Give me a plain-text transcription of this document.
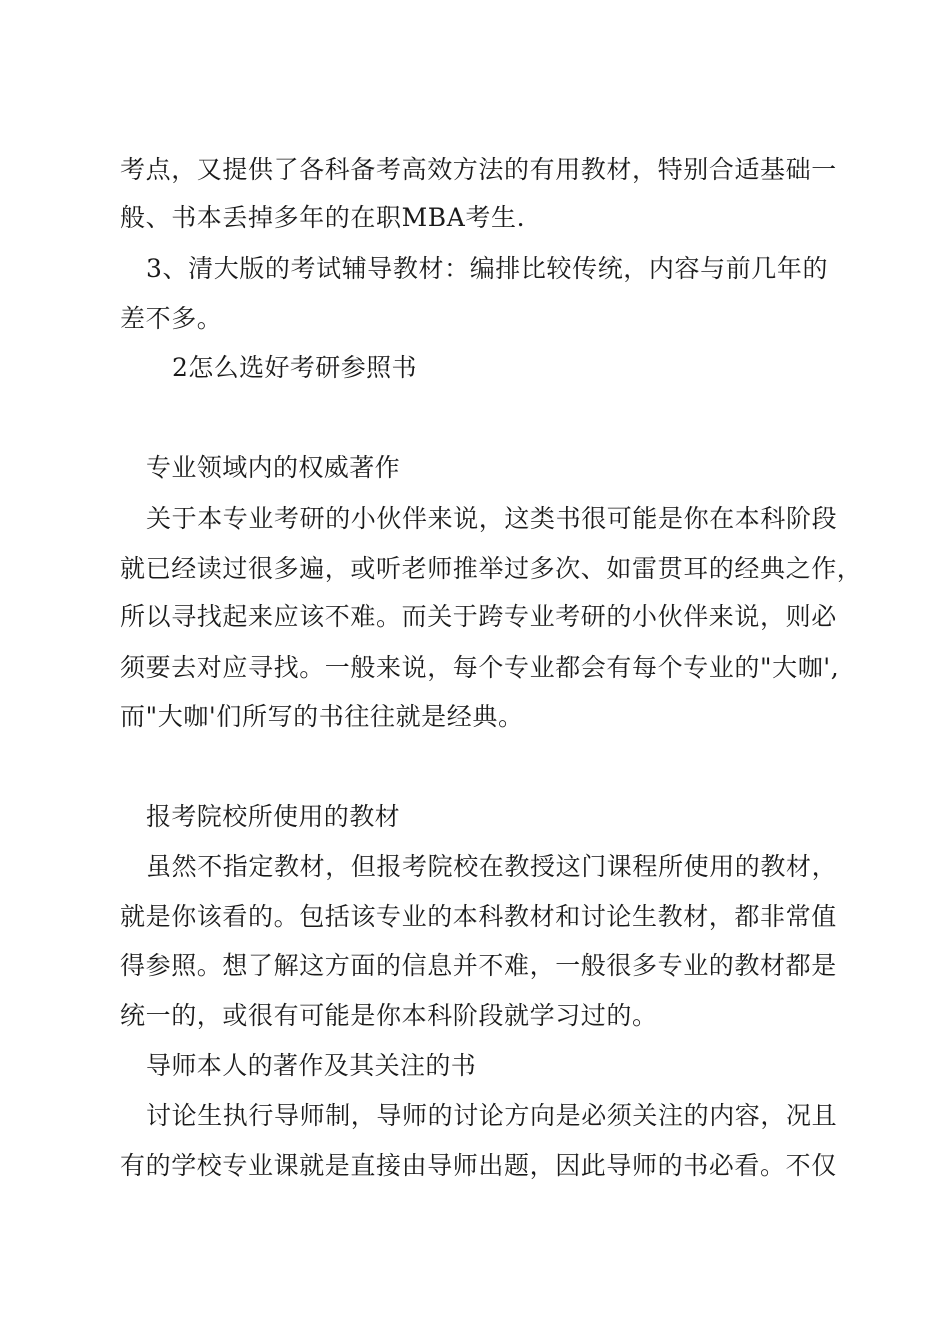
考点，又提供了各科备考高效方法的有用教材，特别合适基础一
般、书本丢掉多年的在职MBA考生.
3、清大版的考试辅导教材：编排比较传统，内容与前几年的
差不多。
2怎么选好考研参照书
专业领域内的权威著作
关于本专业考研的小伙伴来说，这类书很可能是你在本科阶段
就已经读过很多遍，或听老师推举过多次、如雷贯耳的经典之作，
所以寻找起来应该不难。而关于跨专业考研的小伙伴来说，则必
须要去对应寻找。一般来说，每个专业都会有每个专业的"大咖',
而"大咖'们所写的书往往就是经典。
报考院校所使用的教材
虽然不指定教材，但报考院校在教授这门课程所使用的教材，
就是你该看的。包括该专业的本科教材和讨论生教材，都非常值
得参照。想了解这方面的信息并不难，一般很多专业的教材都是
统一的，或很有可能是你本科阶段就学习过的。
导师本人的著作及其关注的书
讨论生执行导师制，导师的讨论方向是必须关注的内容，况且
有的学校专业课就是直接由导师出题，因此导师的书必看。不仅
